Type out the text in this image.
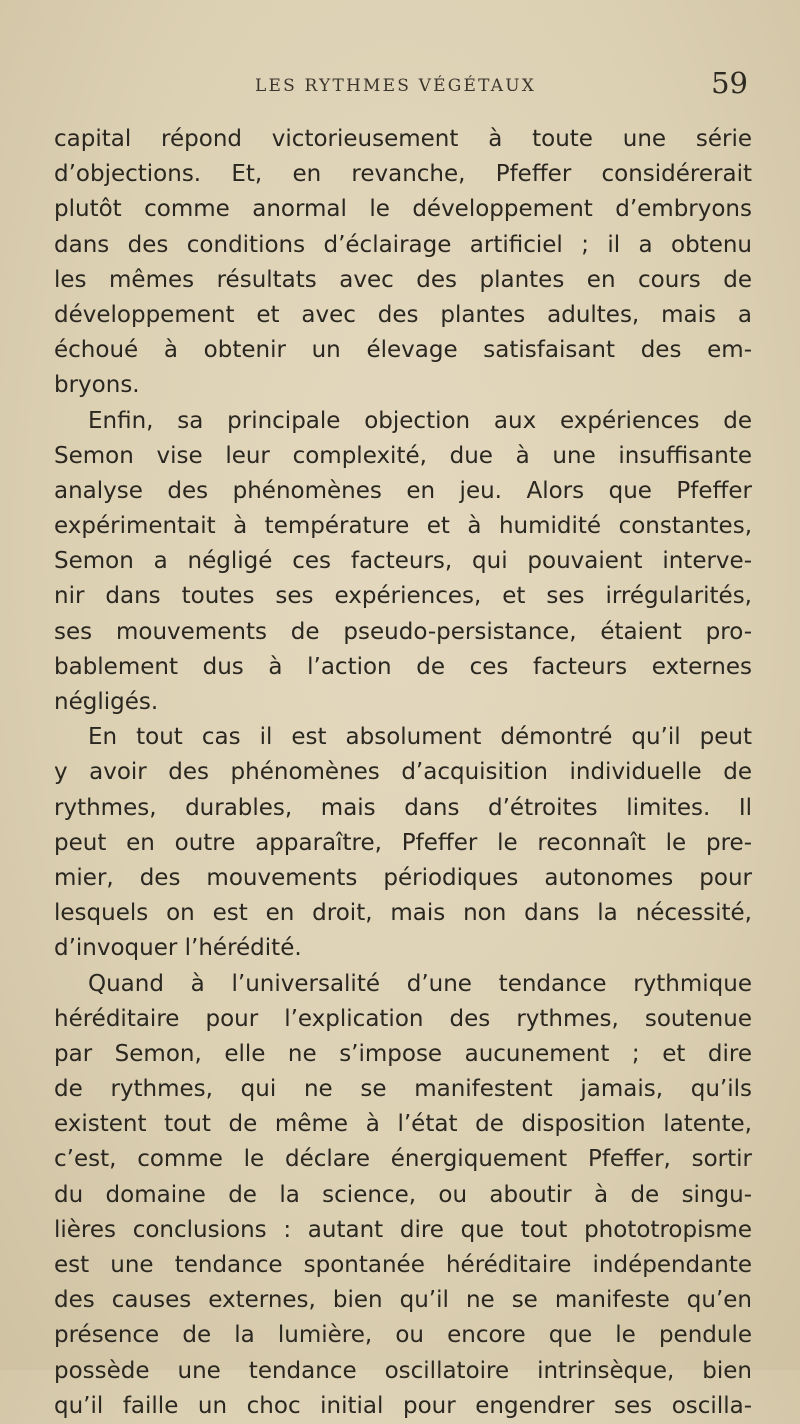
LES RYTHMES VÉGÉTAUX	59
capital répond victorieusement à toute une série
d’objections. Et, en revanche, Pfeffer considérerait
plutôt comme anormal le développement d’embryons
dans des conditions d’éclairage artificiel ; il a obtenu
les mêmes résultats avec des plantes en cours de
développement et avec des plantes adultes, mais a
échoué à obtenir un élevage satisfaisant des em-
bryons.
Enfin, sa principale objection aux expériences de
Semon vise leur complexité, due à une insuffisante
analyse des phénomènes en jeu. Alors que Pfeffer
expérimentait à température et à humidité constantes,
Semon a négligé ces facteurs, qui pouvaient interve-
nir dans toutes ses expériences, et ses irrégularités,
ses mouvements de pseudo-persistance, étaient pro-
bablement dus à l’action de ces facteurs externes
négligés.
En tout cas il est absolument démontré qu’il peut
y avoir des phénomènes d’acquisition individuelle de
rythmes, durables, mais dans d’étroites limites. Il
peut en outre apparaître, Pfeffer le reconnaît le pre-
mier, des mouvements périodiques autonomes pour
lesquels on est en droit, mais non dans la nécessité,
d’invoquer l’hérédité.
Quand à l’universalité d’une tendance rythmique
héréditaire pour l’explication des rythmes, soutenue
par Semon, elle ne s’impose aucunement ; et dire
de rythmes, qui ne se manifestent jamais, qu’ils
existent tout de même à l’état de disposition latente,
c’est, comme le déclare énergiquement Pfeffer, sortir
du domaine de la science, ou aboutir à de singu-
lières conclusions : autant dire que tout phototropisme
est une tendance spontanée héréditaire indépendante
des causes externes, bien qu’il ne se manifeste qu’en
présence de la lumière, ou encore que le pendule
possède une tendance oscillatoire intrinsèque, bien
qu’il faille un choc initial pour engendrer ses oscilla-
